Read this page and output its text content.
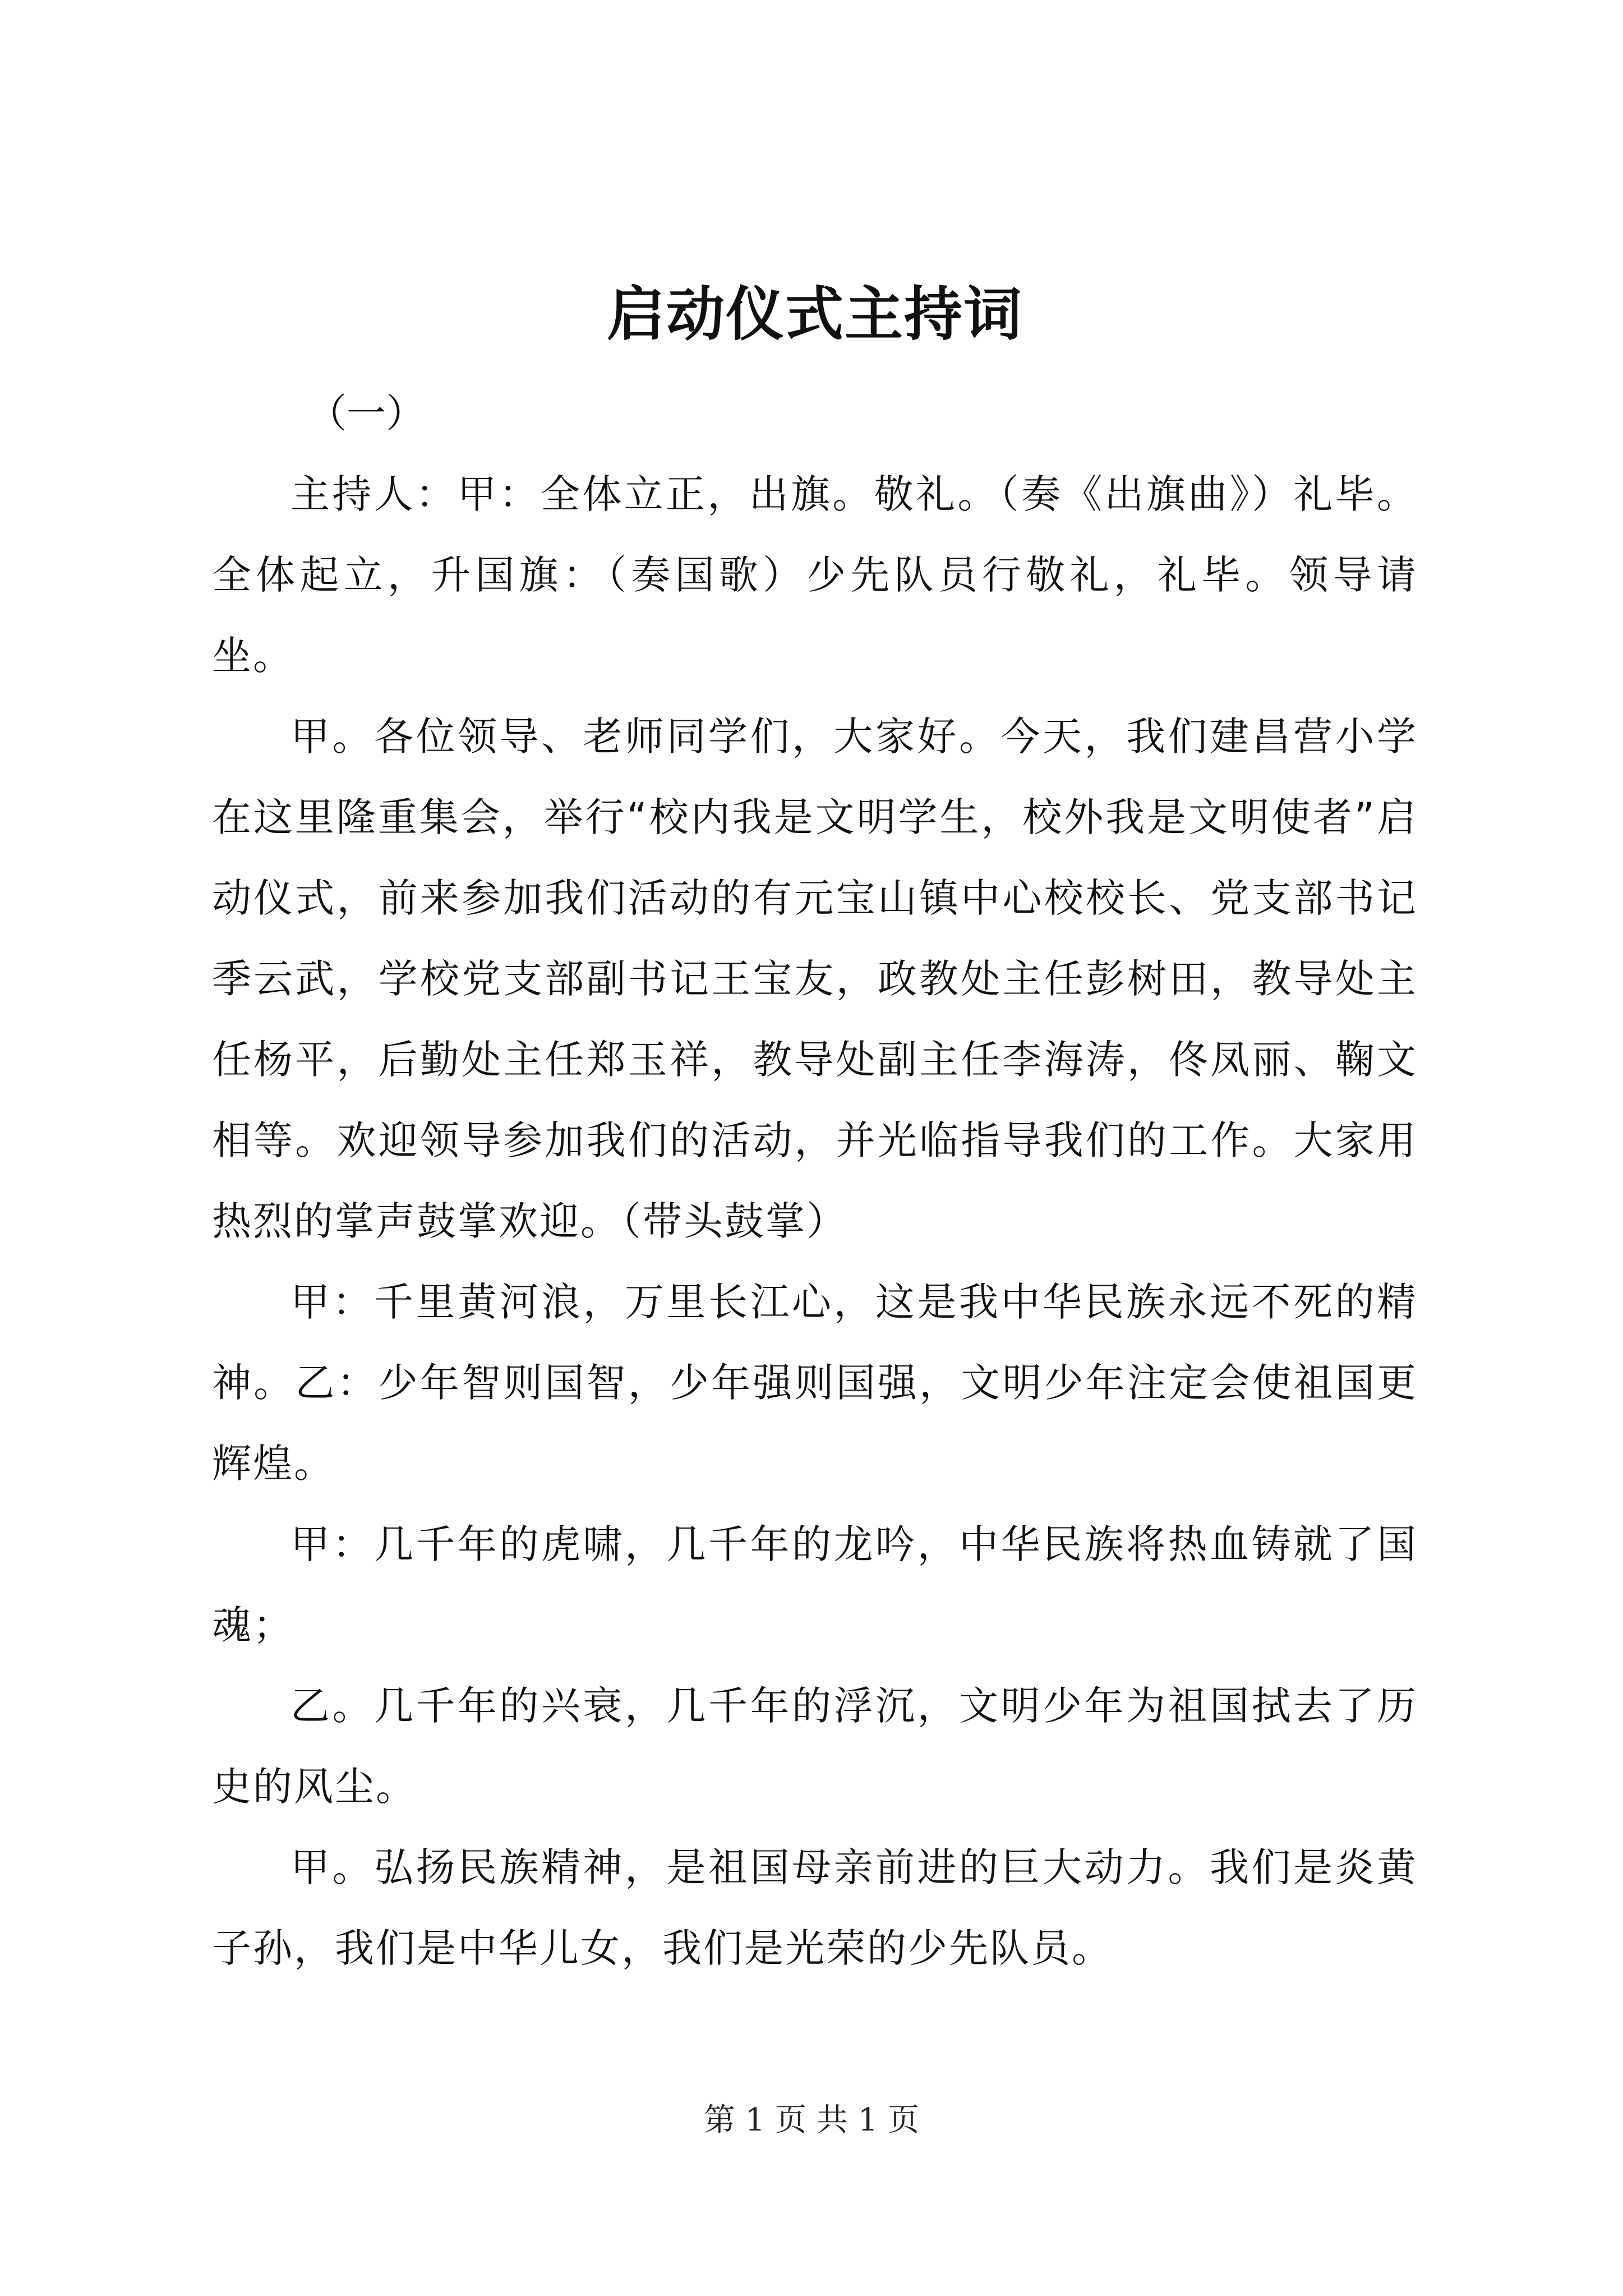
启动仪式主持词
（一）

主持人：甲：全体立正，出旗。敬礼。（奏《出旗曲》）礼毕。全体起立，升国旗：（奏国歌）少先队员行敬礼，礼毕。领导请坐。

甲。各位领导、老师同学们，大家好。今天，我们建昌营小学在这里隆重集会，举行“校内我是文明学生，校外我是文明使者”启动仪式，前来参加我们活动的有元宝山镇中心校校长、党支部书记季云武，学校党支部副书记王宝友，政教处主任彭树田，教导处主任杨平，后勤处主任郑玉祥，教导处副主任李海涛，佟凤丽、鞠文相等。欢迎领导参加我们的活动，并光临指导我们的工作。大家用热烈的掌声鼓掌欢迎。（带头鼓掌）

甲：千里黄河浪，万里长江心，这是我中华民族永远不死的精神。乙：少年智则国智，少年强则国强，文明少年注定会使祖国更辉煌。

甲：几千年的虎啸，几千年的龙吟，中华民族将热血铸就了国魂；

乙。几千年的兴衰，几千年的浮沉，文明少年为祖国拭去了历史的风尘。

甲。弘扬民族精神，是祖国母亲前进的巨大动力。我们是炎黄子孙，我们是中华儿女，我们是光荣的少先队员。

第 1 页 共 1 页
